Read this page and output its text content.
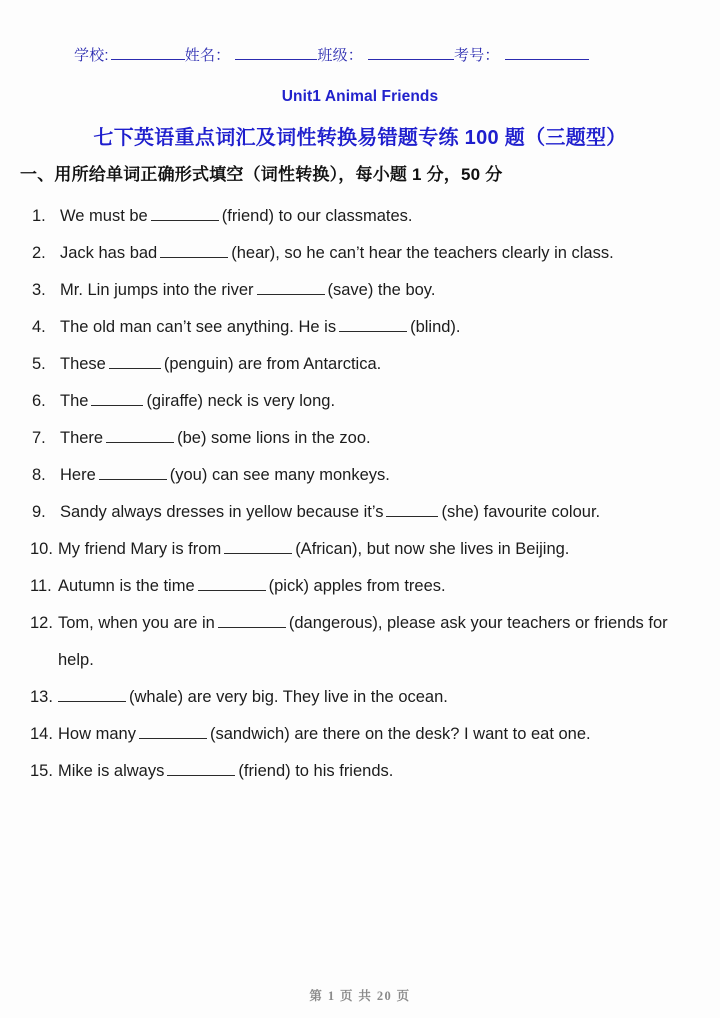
学校:	姓名：	班级：	考号：
Unit1 Animal Friends
七下英语重点词汇及词性转换易错题专练 100 题（三题型）
一、用所给单词正确形式填空（词性转换），每小题 1 分，50 分
1. We must be	(friend) to our classmates.
2. Jack has bad	(hear), so he can’t hear the teachers clearly in class.
3. Mr. Lin jumps into the river	(save) the boy.
4. The old man can’t see anything. He is	(blind).
5. These	(penguin) are from Antarctica.
6. The	(giraffe) neck is very long.
7. There	(be) some lions in the zoo.
8. Here	(you) can see many monkeys.
9. Sandy always dresses in yellow because it’s	(she) favourite colour.
10. My friend Mary is from	(African), but now she lives in Beijing.
11. Autumn is the time	(pick) apples from trees.
12. Tom, when you are in	(dangerous), please ask your teachers or friends for help.
13.	(whale) are very big. They live in the ocean.
14. How many	(sandwich) are there on the desk? I want to eat one.
15. Mike is always	(friend) to his friends.
第 1 页 共 20 页
